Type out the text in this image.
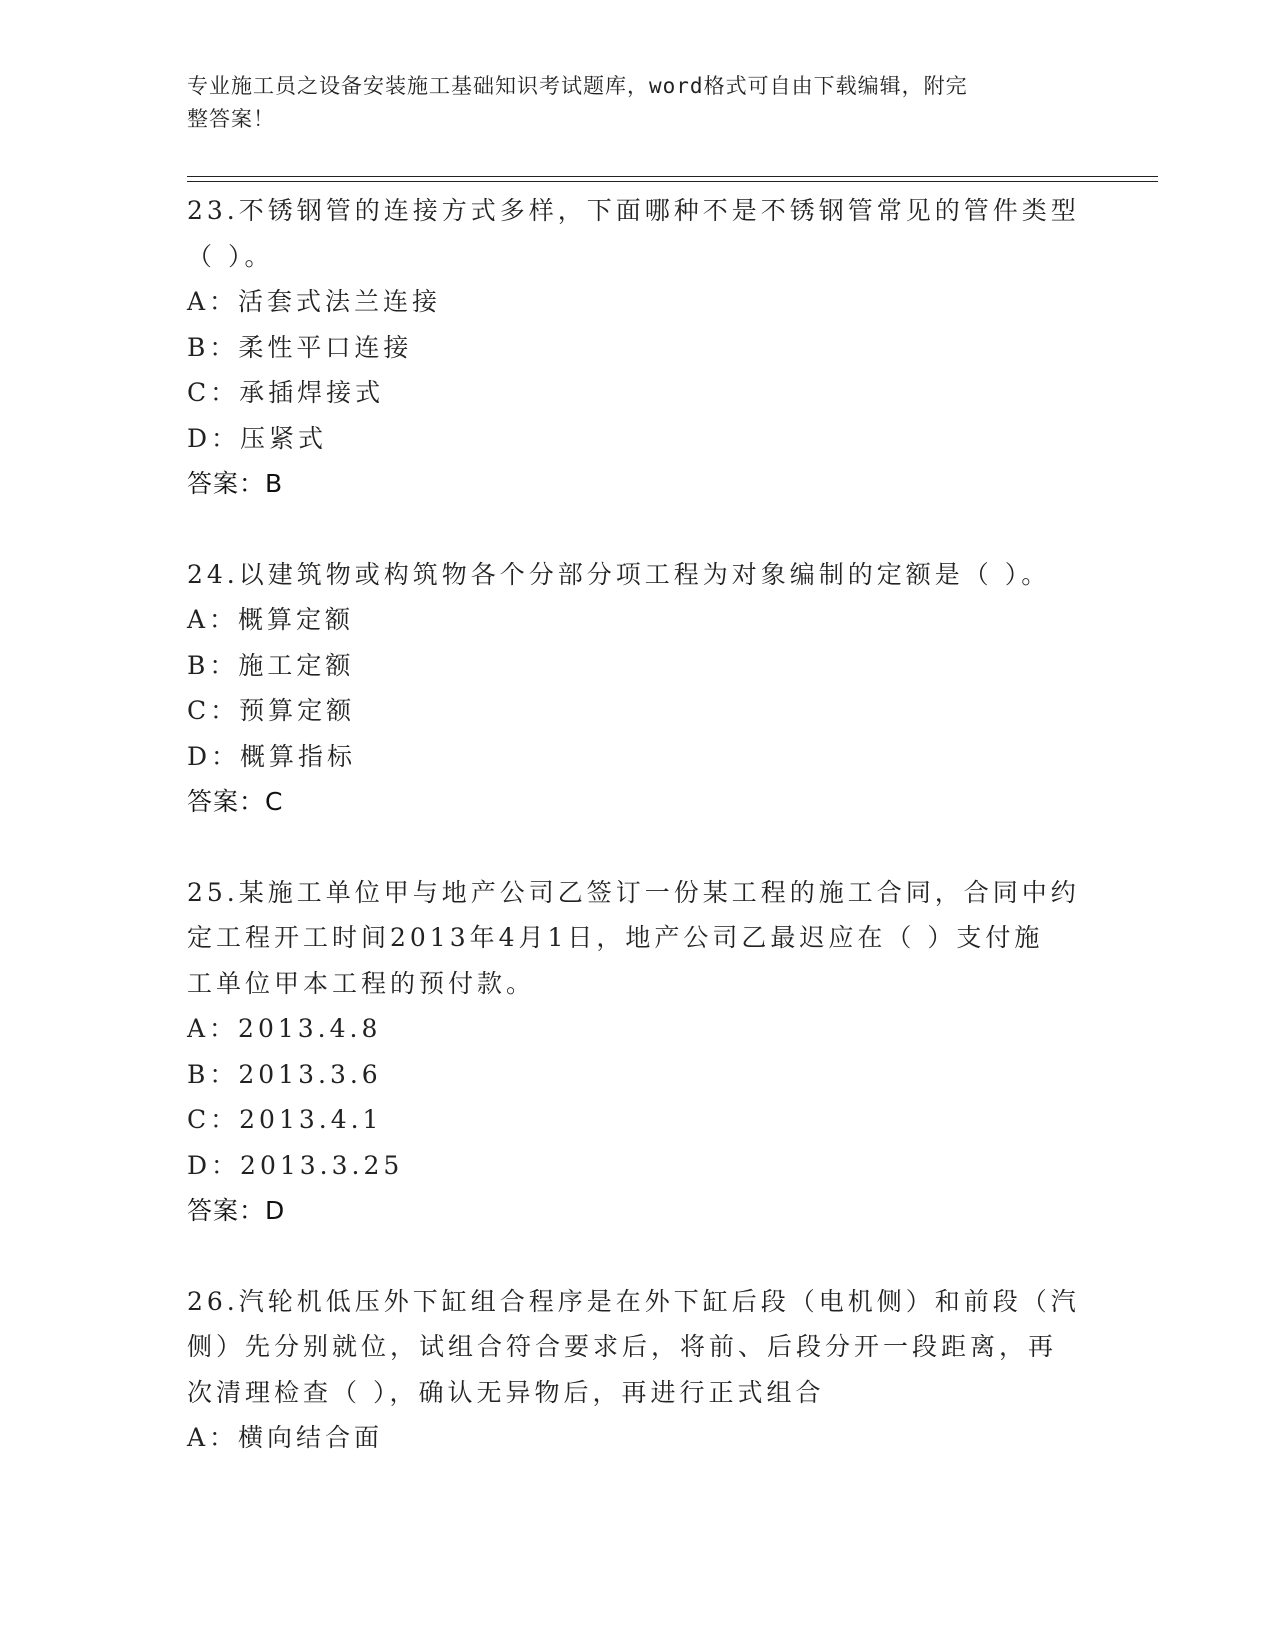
专业施工员之设备安装施工基础知识考试题库，word格式可自由下载编辑，附完
整答案！
23.不锈钢管的连接方式多样，下面哪种不是不锈钢管常见的管件类型
（ ）。
A：活套式法兰连接
B：柔性平口连接
C：承插焊接式
D：压紧式
答案：B
24.以建筑物或构筑物各个分部分项工程为对象编制的定额是（ ）。
A：概算定额
B：施工定额
C：预算定额
D：概算指标
答案：C
25.某施工单位甲与地产公司乙签订一份某工程的施工合同，合同中约
定工程开工时间2013年4月1日，地产公司乙最迟应在（ ）支付施
工单位甲本工程的预付款。
A：2013.4.8
B：2013.3.6
C：2013.4.1
D：2013.3.25
答案：D
26.汽轮机低压外下缸组合程序是在外下缸后段（电机侧）和前段（汽
侧）先分别就位，试组合符合要求后，将前、后段分开一段距离，再
次清理检查（ ），确认无异物后，再进行正式组合
A：横向结合面
